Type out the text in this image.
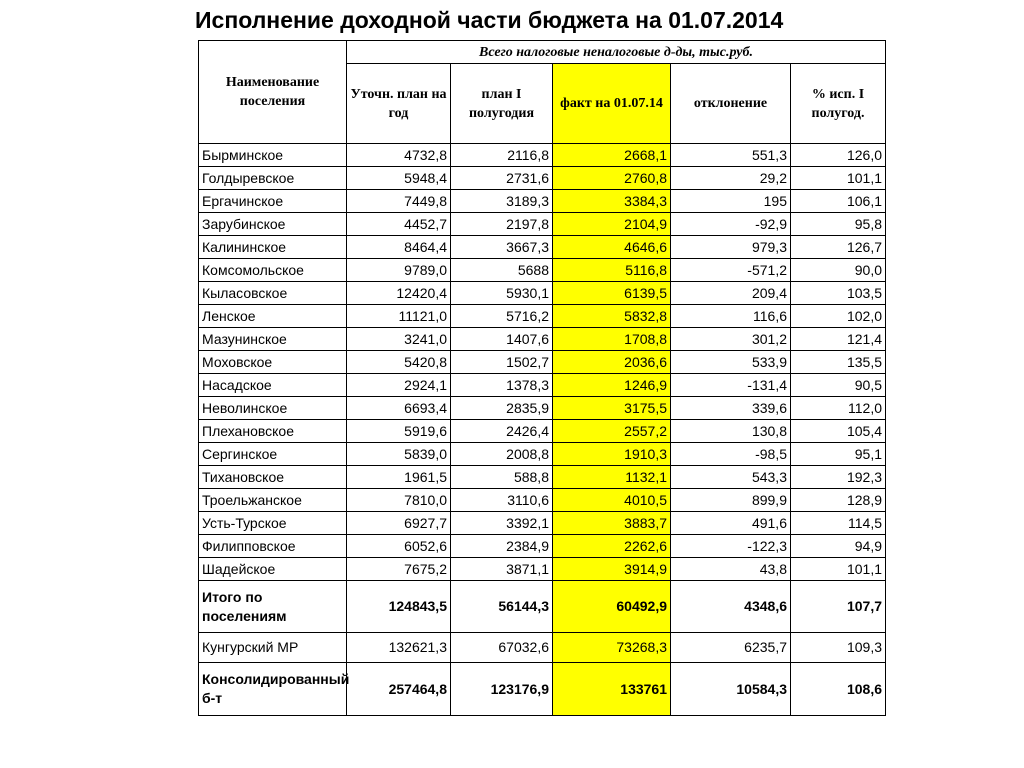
Исполнение доходной части бюджета на 01.07.2014
Наименование поселения	Всего налоговые неналоговые д-ды, тыс.руб.				
	Уточн. план на год	план I полугодия	факт на 01.07.14	отклонение	% исп. I полугод.
Бырминское	4732,8	2116,8	2668,1	551,3	126,0
Голдыревское	5948,4	2731,6	2760,8	29,2	101,1
Ергачинское	7449,8	3189,3	3384,3	195	106,1
Зарубинское	4452,7	2197,8	2104,9	-92,9	95,8
Калининское	8464,4	3667,3	4646,6	979,3	126,7
Комсомольское	9789,0	5688	5116,8	-571,2	90,0
Кыласовское	12420,4	5930,1	6139,5	209,4	103,5
Ленское	11121,0	5716,2	5832,8	116,6	102,0
Мазунинское	3241,0	1407,6	1708,8	301,2	121,4
Моховское	5420,8	1502,7	2036,6	533,9	135,5
Насадское	2924,1	1378,3	1246,9	-131,4	90,5
Неволинское	6693,4	2835,9	3175,5	339,6	112,0
Плехановское	5919,6	2426,4	2557,2	130,8	105,4
Сергинское	5839,0	2008,8	1910,3	-98,5	95,1
Тихановское	1961,5	588,8	1132,1	543,3	192,3
Троельжанское	7810,0	3110,6	4010,5	899,9	128,9
Усть-Турское	6927,7	3392,1	3883,7	491,6	114,5
Филипповское	6052,6	2384,9	2262,6	-122,3	94,9
Шадейское	7675,2	3871,1	3914,9	43,8	101,1
Итого по поселениям	124843,5	56144,3	60492,9	4348,6	107,7
Кунгурский МР	132621,3	67032,6	73268,3	6235,7	109,3
Консолидированный б-т	257464,8	123176,9	133761	10584,3	108,6
